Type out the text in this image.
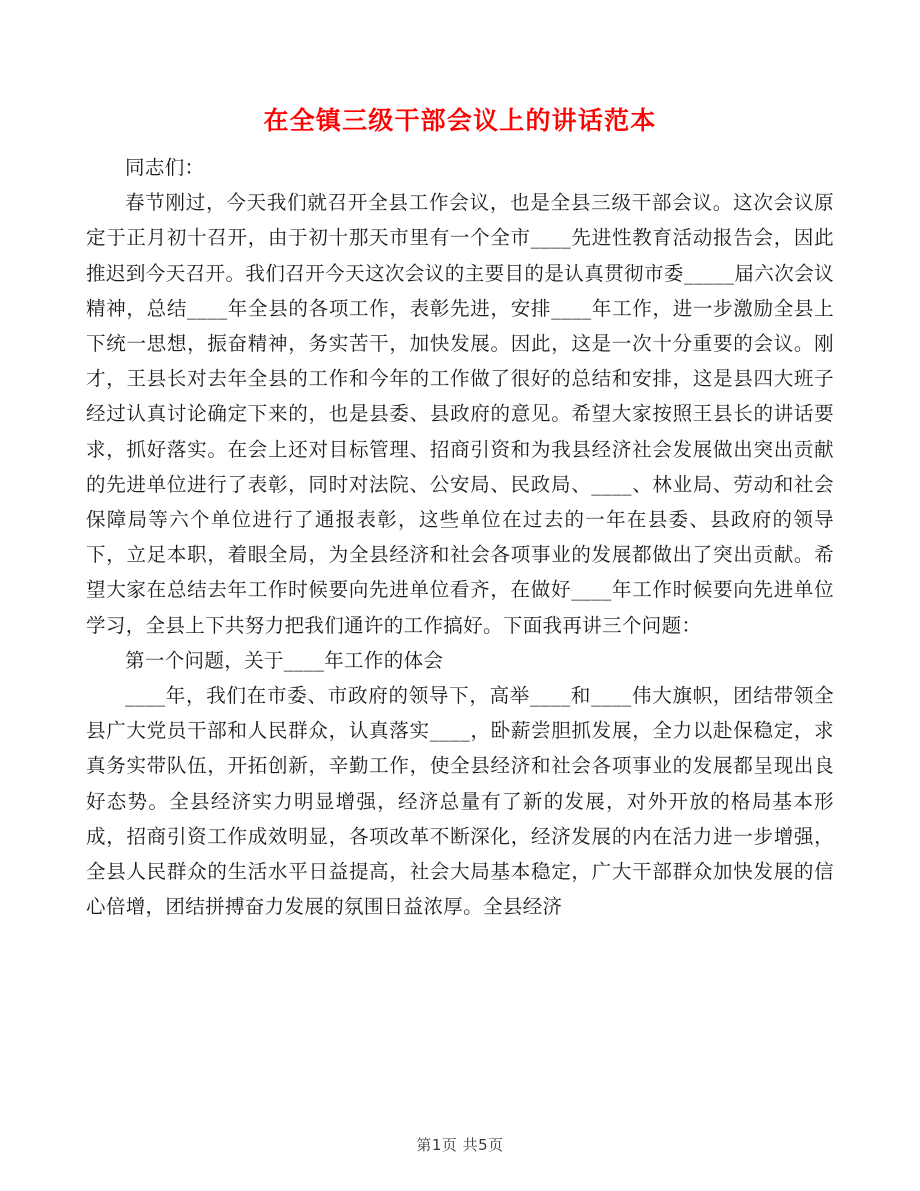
在全镇三级干部会议上的讲话范本

同志们：

春节刚过，今天我们就召开全县工作会议，也是全县三级干部会议。这次会议原定于正月初十召开，由于初十那天市里有一个全市____先进性教育活动报告会，因此推迟到今天召开。我们召开今天这次会议的主要目的是认真贯彻市委_____届六次会议精神，总结____年全县的各项工作，表彰先进，安排____年工作，进一步激励全县上下统一思想，振奋精神，务实苦干，加快发展。因此，这是一次十分重要的会议。刚才，王县长对去年全县的工作和今年的工作做了很好的总结和安排，这是县四大班子经过认真讨论确定下来的，也是县委、县政府的意见。希望大家按照王县长的讲话要求，抓好落实。在会上还对目标管理、招商引资和为我县经济社会发展做出突出贡献的先进单位进行了表彰，同时对法院、公安局、民政局、____、林业局、劳动和社会保障局等六个单位进行了通报表彰，这些单位在过去的一年在县委、县政府的领导下，立足本职，着眼全局，为全县经济和社会各项事业的发展都做出了突出贡献。希望大家在总结去年工作时候要向先进单位看齐，在做好____年工作时候要向先进单位学习，全县上下共努力把我们通许的工作搞好。下面我再讲三个问题：

第一个问题，关于____年工作的体会

____年，我们在市委、市政府的领导下，高举____和____伟大旗帜，团结带领全县广大党员干部和人民群众，认真落实____，卧薪尝胆抓发展，全力以赴保稳定，求真务实带队伍，开拓创新，辛勤工作，使全县经济和社会各项事业的发展都呈现出良好态势。全县经济实力明显增强，经济总量有了新的发展，对外开放的格局基本形成，招商引资工作成效明显，各项改革不断深化，经济发展的内在活力进一步增强，全县人民群众的生活水平日益提高，社会大局基本稳定，广大干部群众加快发展的信心倍增，团结拼搏奋力发展的氛围日益浓厚。全县经济

第1页 共5页
